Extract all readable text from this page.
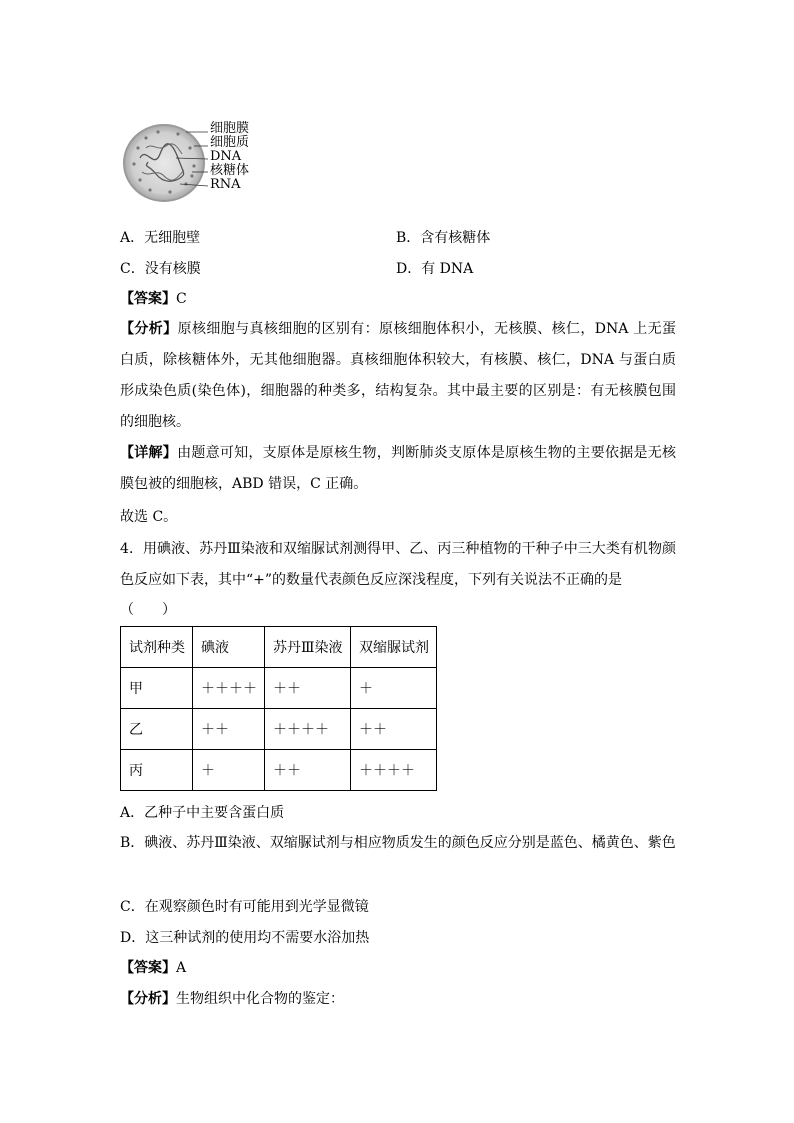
细胞膜
细胞质
DNA
核糖体
RNA
A．无细胞壁	B．含有核糖体
C．没有核膜	D．有 DNA
【答案】C
【分析】原核细胞与真核细胞的区别有：原核细胞体积小，无核膜、核仁，DNA 上无蛋白质，除核糖体外，无其他细胞器。真核细胞体积较大，有核膜、核仁，DNA 与蛋白质形成染色质(染色体)，细胞器的种类多，结构复杂。其中最主要的区别是：有无核膜包围的细胞核。
【详解】由题意可知，支原体是原核生物，判断肺炎支原体是原核生物的主要依据是无核膜包被的细胞核，ABD 错误，C 正确。
故选 C。
4．用碘液、苏丹Ⅲ染液和双缩脲试剂测得甲、乙、丙三种植物的干种子中三大类有机物颜色反应如下表，其中“+”的数量代表颜色反应深浅程度，下列有关说法不正确的是
（　　）
试剂种类	碘液	苏丹Ⅲ染液	双缩脲试剂
甲	＋＋＋＋	＋＋	＋
乙	＋＋	＋＋＋＋	＋＋
丙	＋	＋＋	＋＋＋＋
A．乙种子中主要含蛋白质
B．碘液、苏丹Ⅲ染液、双缩脲试剂与相应物质发生的颜色反应分别是蓝色、橘黄色、紫色
C．在观察颜色时有可能用到光学显微镜
D．这三种试剂的使用均不需要水浴加热
【答案】A
【分析】生物组织中化合物的鉴定：
